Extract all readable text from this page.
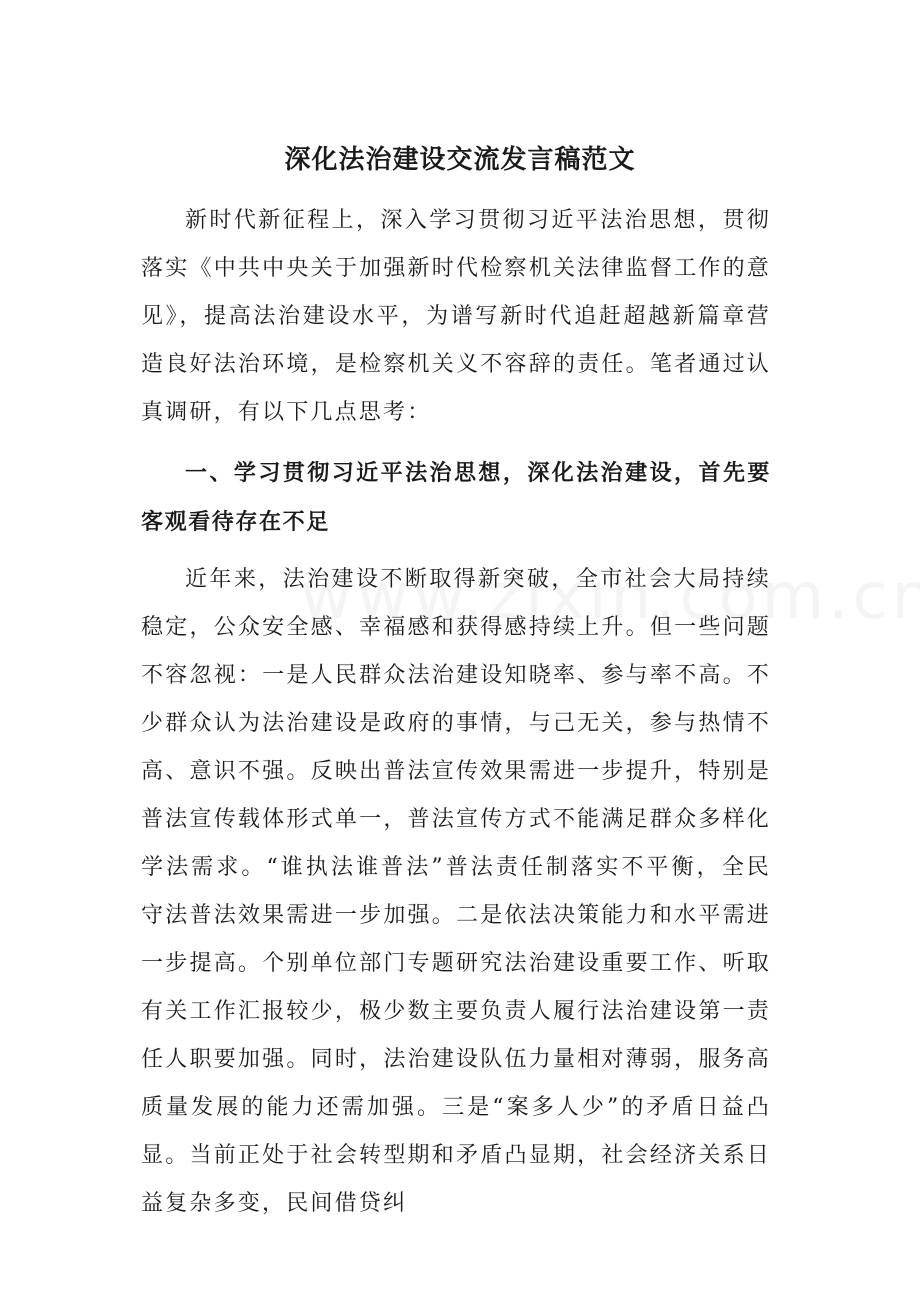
深化法治建设交流发言稿范文

新时代新征程上，深入学习贯彻习近平法治思想，贯彻落实《中共中央关于加强新时代检察机关法律监督工作的意见》，提高法治建设水平，为谱写新时代追赶超越新篇章营造良好法治环境，是检察机关义不容辞的责任。笔者通过认真调研，有以下几点思考：

一、学习贯彻习近平法治思想，深化法治建设，首先要客观看待存在不足

近年来，法治建设不断取得新突破，全市社会大局持续稳定，公众安全感、幸福感和获得感持续上升。但一些问题不容忽视：一是人民群众法治建设知晓率、参与率不高。不少群众认为法治建设是政府的事情，与己无关，参与热情不高、意识不强。反映出普法宣传效果需进一步提升，特别是普法宣传载体形式单一，普法宣传方式不能满足群众多样化学法需求。“谁执法谁普法”普法责任制落实不平衡，全民守法普法效果需进一步加强。二是依法决策能力和水平需进一步提高。个别单位部门专题研究法治建设重要工作、听取有关工作汇报较少，极少数主要负责人履行法治建设第一责任人职要加强。同时，法治建设队伍力量相对薄弱，服务高质量发展的能力还需加强。三是“案多人少”的矛盾日益凸显。当前正处于社会转型期和矛盾凸显期，社会经济关系日益复杂多变，民间借贷纠
